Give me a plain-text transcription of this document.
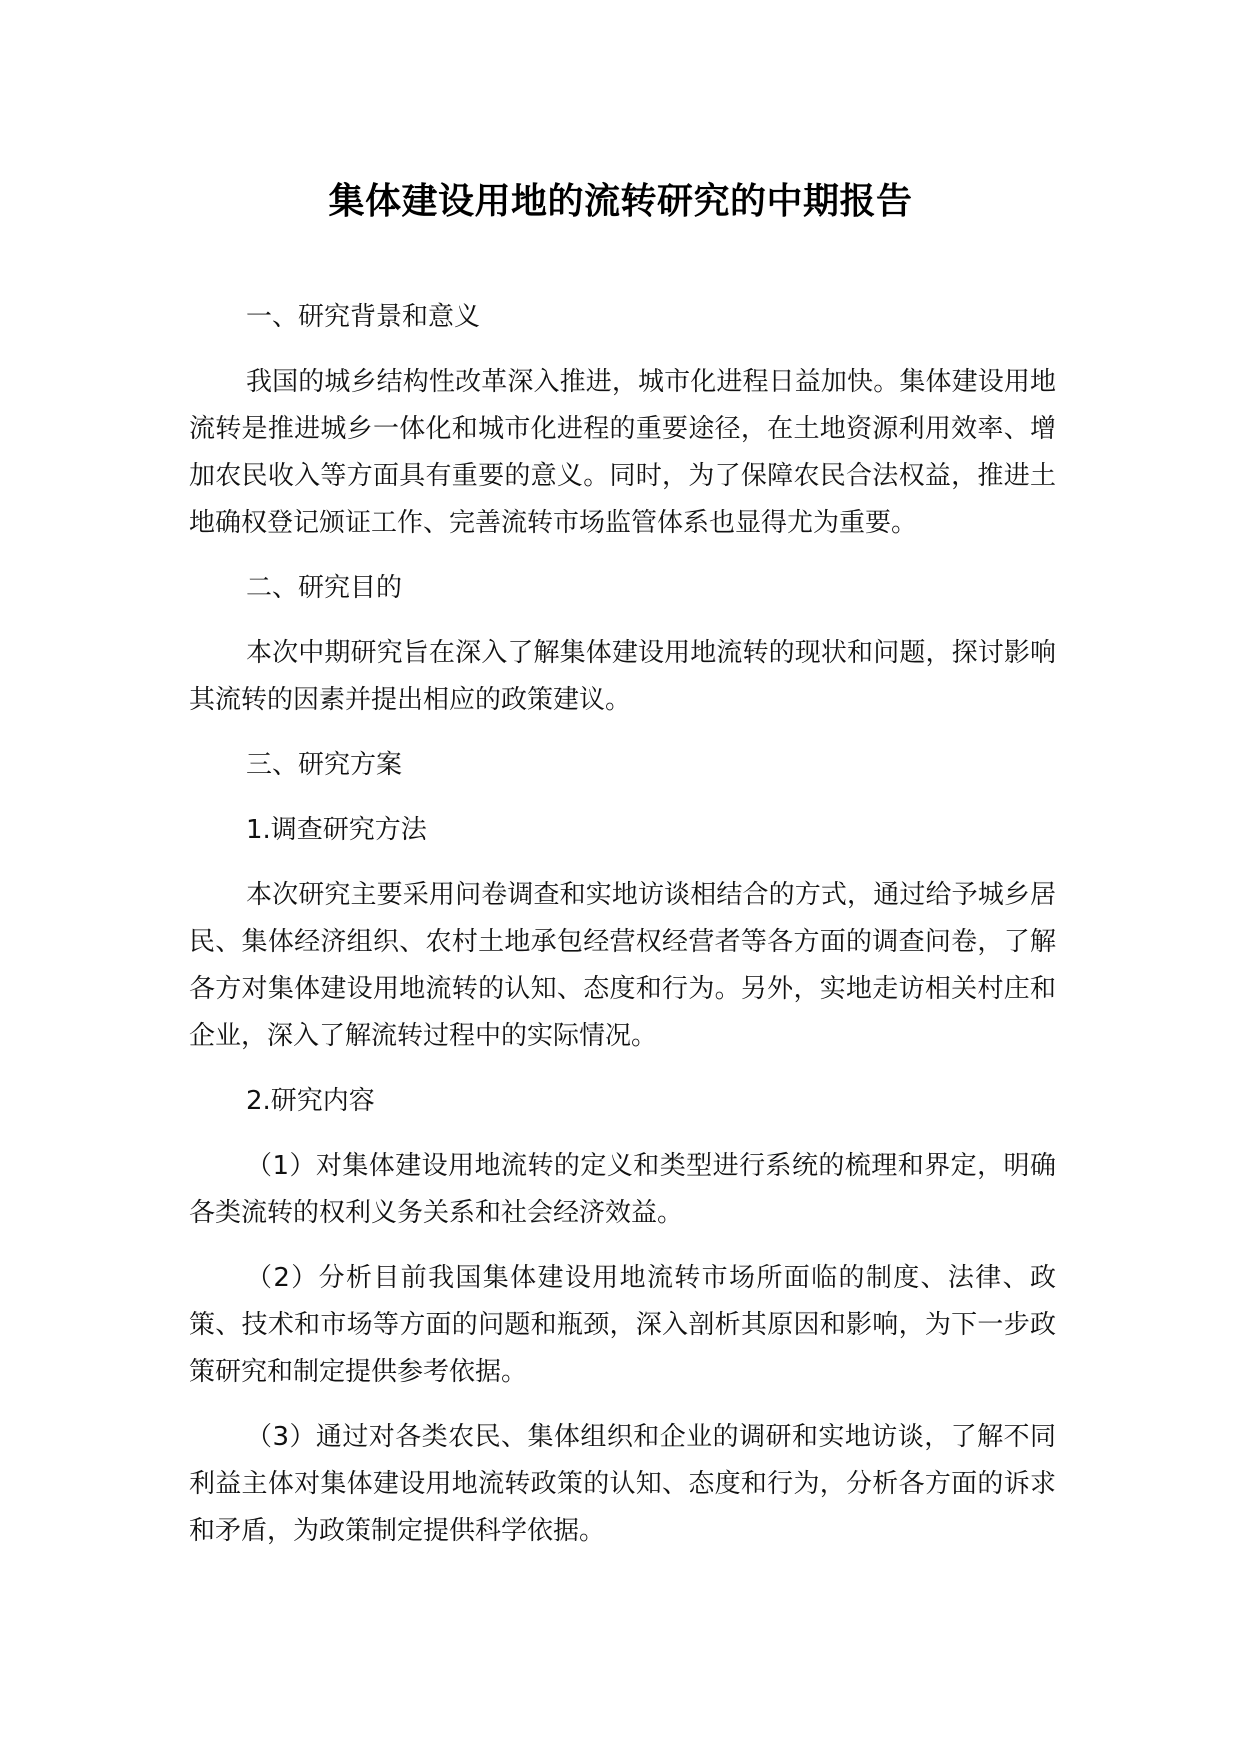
集体建设用地的流转研究的中期报告

一、研究背景和意义

我国的城乡结构性改革深入推进，城市化进程日益加快。集体建设用地流转是推进城乡一体化和城市化进程的重要途径，在土地资源利用效率、增加农民收入等方面具有重要的意义。同时，为了保障农民合法权益，推进土地确权登记颁证工作、完善流转市场监管体系也显得尤为重要。

二、研究目的

本次中期研究旨在深入了解集体建设用地流转的现状和问题，探讨影响其流转的因素并提出相应的政策建议。

三、研究方案

1.调查研究方法

本次研究主要采用问卷调查和实地访谈相结合的方式，通过给予城乡居民、集体经济组织、农村土地承包经营权经营者等各方面的调查问卷，了解各方对集体建设用地流转的认知、态度和行为。另外，实地走访相关村庄和企业，深入了解流转过程中的实际情况。

2.研究内容

（1）对集体建设用地流转的定义和类型进行系统的梳理和界定，明确各类流转的权利义务关系和社会经济效益。

（2）分析目前我国集体建设用地流转市场所面临的制度、法律、政策、技术和市场等方面的问题和瓶颈，深入剖析其原因和影响，为下一步政策研究和制定提供参考依据。

（3）通过对各类农民、集体组织和企业的调研和实地访谈，了解不同利益主体对集体建设用地流转政策的认知、态度和行为，分析各方面的诉求和矛盾，为政策制定提供科学依据。
